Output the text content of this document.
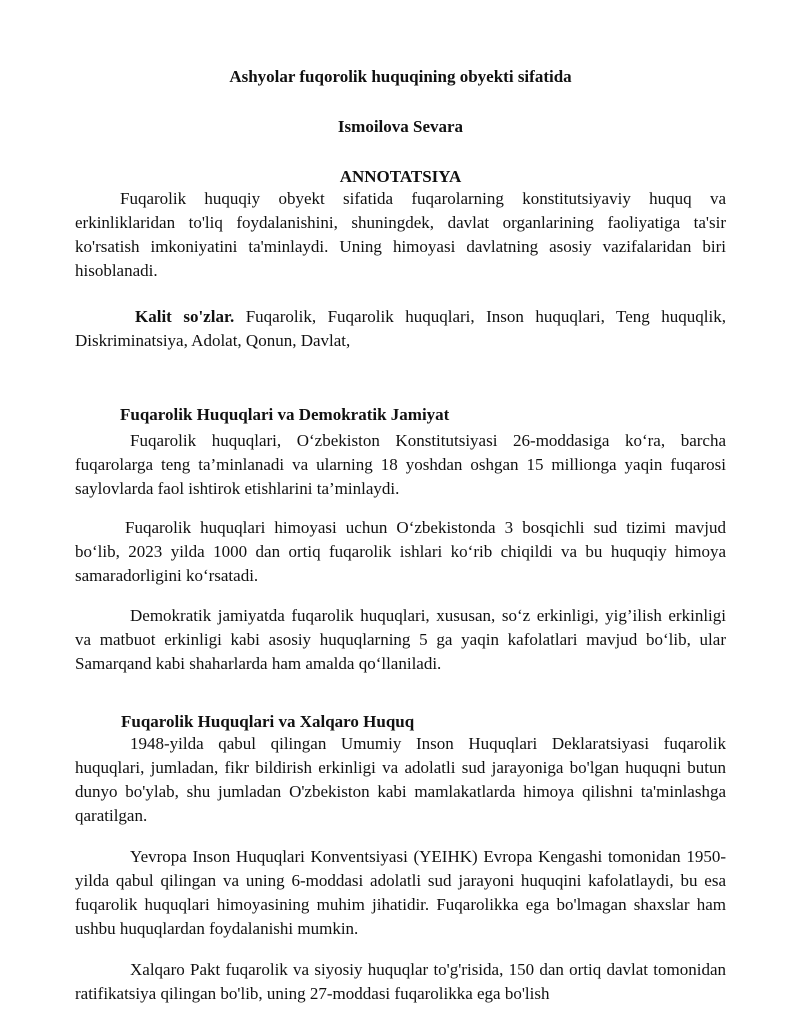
Ashyolar fuqorolik huquqining obyekti sifatida
Ismoilova Sevara
ANNOTATSIYA

Fuqarolik huquqiy obyekt sifatida fuqarolarning konstitutsiyaviy huquq va erkinliklaridan to'liq foydalanishini, shuningdek, davlat organlarining faoliyatiga ta'sir ko'rsatish imkoniyatini ta'minlaydi. Uning himoyasi davlatning asosiy vazifalaridan biri hisoblanadi.

Kalit so'zlar. Fuqarolik, Fuqarolik huquqlari, Inson huquqlari, Teng huquqlik, Diskriminatsiya, Adolat, Qonun, Davlat,

Fuqarolik Huquqlari va Demokratik Jamiyat

Fuqarolik huquqlari, O‘zbekiston Konstitutsiyasi 26-moddasiga ko‘ra, barcha fuqarolarga teng ta’minlanadi va ularning 18 yoshdan oshgan 15 millionga yaqin fuqarosi saylovlarda faol ishtirok etishlarini ta’minlaydi.

Fuqarolik huquqlari himoyasi uchun O‘zbekistonda 3 bosqichli sud tizimi mavjud bo‘lib, 2023 yilda 1000 dan ortiq fuqarolik ishlari ko‘rib chiqildi va bu huquqiy himoya samaradorligini ko‘rsatadi.

Demokratik jamiyatda fuqarolik huquqlari, xususan, so‘z erkinligi, yig’ilish erkinligi va matbuot erkinligi kabi asosiy huquqlarning 5 ga yaqin kafolatlari mavjud bo‘lib, ular Samarqand kabi shaharlarda ham amalda qo‘llaniladi.

Fuqarolik Huquqlari va Xalqaro Huquq

1948-yilda qabul qilingan Umumiy Inson Huquqlari Deklaratsiyasi fuqarolik huquqlari, jumladan, fikr bildirish erkinligi va adolatli sud jarayoniga bo'lgan huquqni butun dunyo bo'ylab, shu jumladan O'zbekiston kabi mamlakatlarda himoya qilishni ta'minlashga qaratilgan.

Yevropa Inson Huquqlari Konventsiyasi (YEIHK) Evropa Kengashi tomonidan 1950-yilda qabul qilingan va uning 6-moddasi adolatli sud jarayoni huquqini kafolatlaydi, bu esa fuqarolik huquqlari himoyasining muhim jihatidir. Fuqarolikka ega bo'lmagan shaxslar ham ushbu huquqlardan foydalanishi mumkin.

Xalqaro Pakt fuqarolik va siyosiy huquqlar to'g'risida, 150 dan ortiq davlat tomonidan ratifikatsiya qilingan bo'lib, uning 27-moddasi fuqarolikka ega bo'lish
